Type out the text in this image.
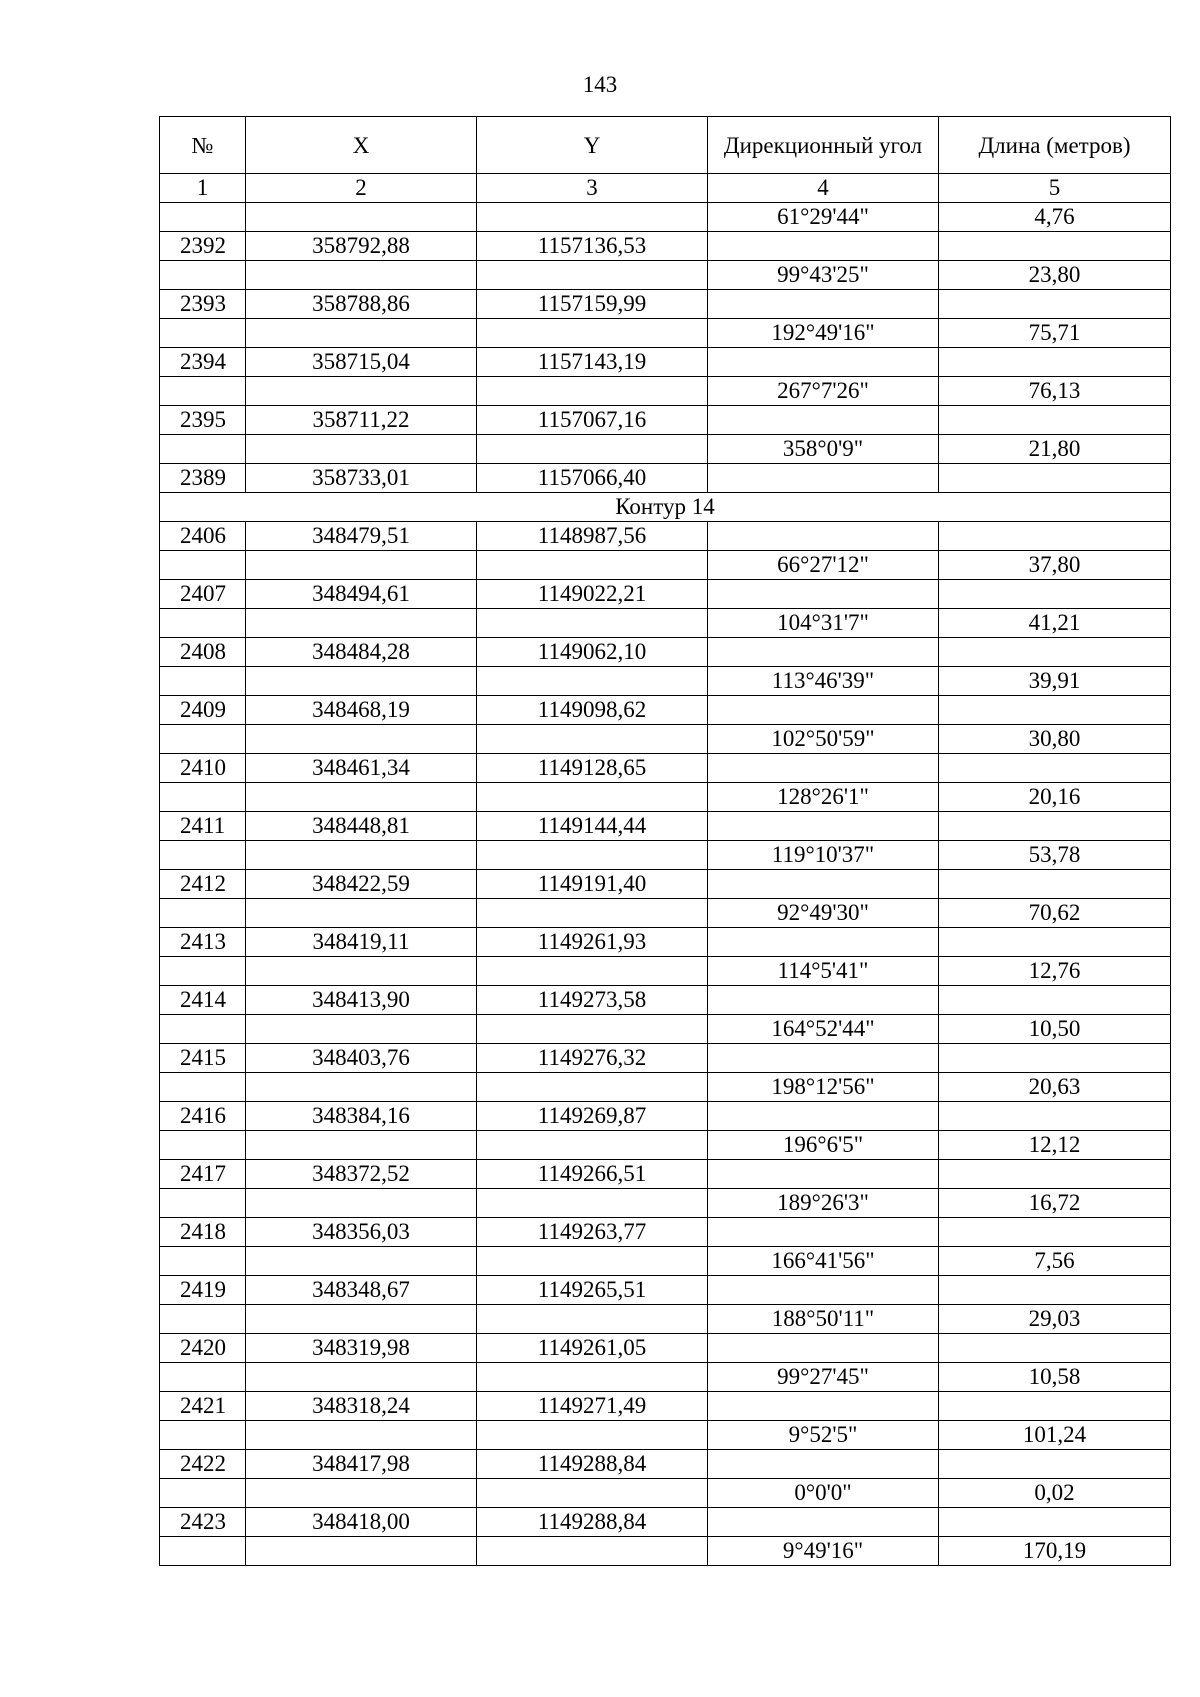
143
№	X	Y	Дирекционный угол	Длина (метров)
1	2	3	4	5
			61°29'44"	4,76
2392	358792,88	1157136,53		
			99°43'25"	23,80
2393	358788,86	1157159,99		
			192°49'16"	75,71
2394	358715,04	1157143,19		
			267°7'26"	76,13
2395	358711,22	1157067,16		
			358°0'9"	21,80
2389	358733,01	1157066,40		
Контур 14				
2406	348479,51	1148987,56		
			66°27'12"	37,80
2407	348494,61	1149022,21		
			104°31'7"	41,21
2408	348484,28	1149062,10		
			113°46'39"	39,91
2409	348468,19	1149098,62		
			102°50'59"	30,80
2410	348461,34	1149128,65		
			128°26'1"	20,16
2411	348448,81	1149144,44		
			119°10'37"	53,78
2412	348422,59	1149191,40		
			92°49'30"	70,62
2413	348419,11	1149261,93		
			114°5'41"	12,76
2414	348413,90	1149273,58		
			164°52'44"	10,50
2415	348403,76	1149276,32		
			198°12'56"	20,63
2416	348384,16	1149269,87		
			196°6'5"	12,12
2417	348372,52	1149266,51		
			189°26'3"	16,72
2418	348356,03	1149263,77		
			166°41'56"	7,56
2419	348348,67	1149265,51		
			188°50'11"	29,03
2420	348319,98	1149261,05		
			99°27'45"	10,58
2421	348318,24	1149271,49		
			9°52'5"	101,24
2422	348417,98	1149288,84		
			0°0'0"	0,02
2423	348418,00	1149288,84		
			9°49'16"	170,19
